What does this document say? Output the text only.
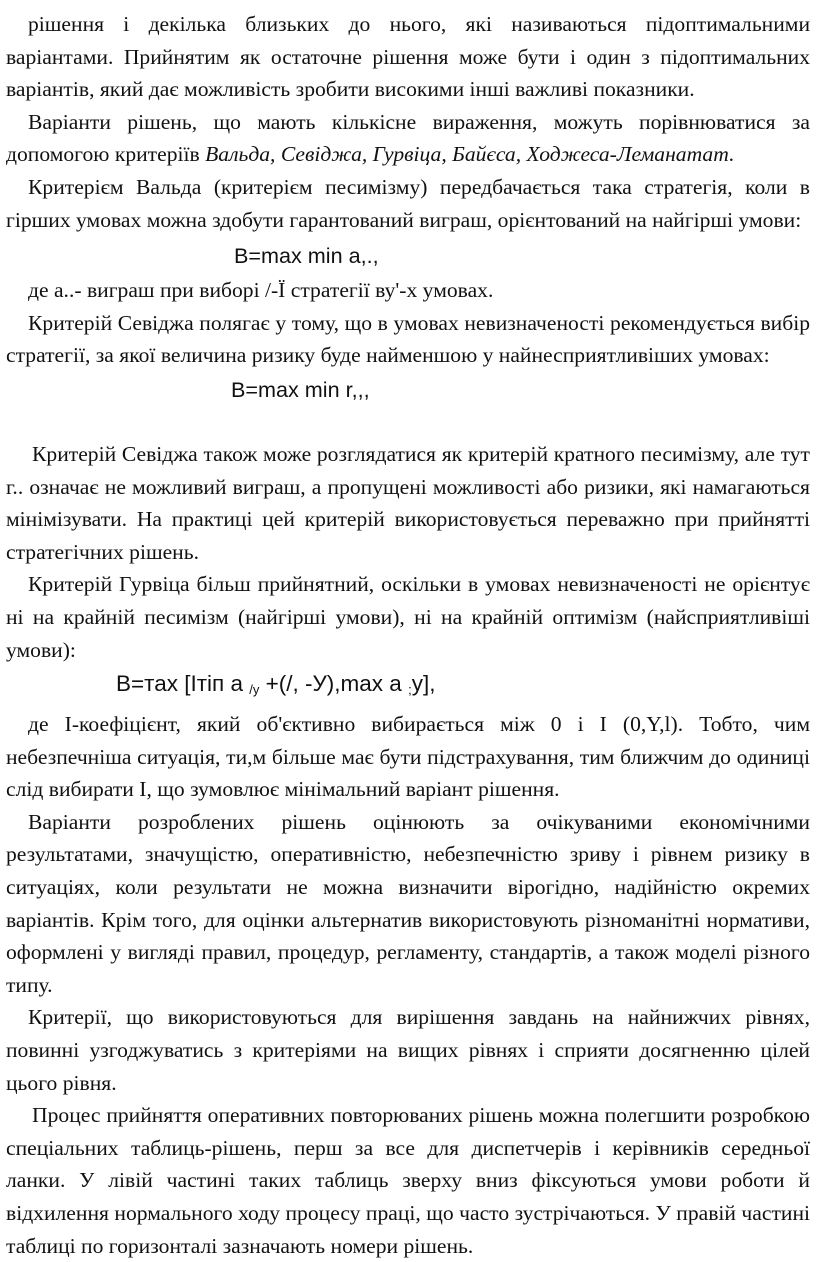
рішення і декілька близьких до нього, які називаються підоптимальними варіантами. Прийнятим як остаточне рішення може бути і один з підоптимальних варіантів, який дає можливість зробити високими інші важливі показники.

Варіанти рішень, що мають кількісне вираження, можуть порівнюватися за допомогою критеріїв Вальда, Севіджа, Гурвіца, Байєса, Ходжеса-Леманатат.

Критерієм Вальда (критерієм песимізму) передбачається така стратегія, коли в гірших умовах можна здобути гарантований виграш, орієнтований на найгірші умови:

В=max min а,.,

де а..- виграш при виборі /-Ї стратегії ву'-х умовах.

Критерій Севіджа полягає у тому, що в умовах невизначеності рекомендується вибір стратегії, за якої величина ризику буде найменшою у найнесприятливіших умовах:

В=max min r,,,

Критерій Севіджа також може розглядатися як критерій кратного песимізму, але тут г.. означає не можливий виграш, а пропущені можливості або ризики, які намагаються мінімізувати. На практиці цей критерій використовується переважно при прийнятті стратегічних рішень.

Критерій Гурвіца більш прийнятний, оскільки в умовах невизначеності не орієнтує ні на крайній песимізм (найгірші умови), ні на крайній оптимізм (найсприятливіші умови):

В=тах [Ітіп а $_{/у}$ +(/, -У),max а $_;$у],

де І-коефіцієнт, який об'єктивно вибирається між 0 і І (0,Y,l). Тобто, чим небезпечніша ситуація, ти,м більше має бути підстрахування, тим ближчим до одиниці слід вибирати І, що зумовлює мінімальний варіант рішення.

Варіанти розроблених рішень оцінюють за очікуваними економічними результатами, значущістю, оперативністю, небезпечністю зриву і рівнем ризику в ситуаціях, коли результати не можна визначити вірогідно, надійністю окремих варіантів. Крім того, для оцінки альтернатив використовують різноманітні нормативи, оформлені у вигляді правил, процедур, регламенту, стандартів, а також моделі різного типу.

Критерії, що використовуються для вирішення завдань на найнижчих рівнях, повинні узгоджуватись з критеріями на вищих рівнях і сприяти досягненню цілей цього рівня.

Процес прийняття оперативних повторюваних рішень можна полегшити розробкою спеціальних таблиць-рішень, перш за все для диспетчерів і керівників середньої ланки. У лівій частині таких таблиць зверху вниз фіксуються умови роботи й відхилення нормального ходу процесу праці, що часто зустрічаються. У правій частині таблиці по горизонталі зазначають номери рішень.
